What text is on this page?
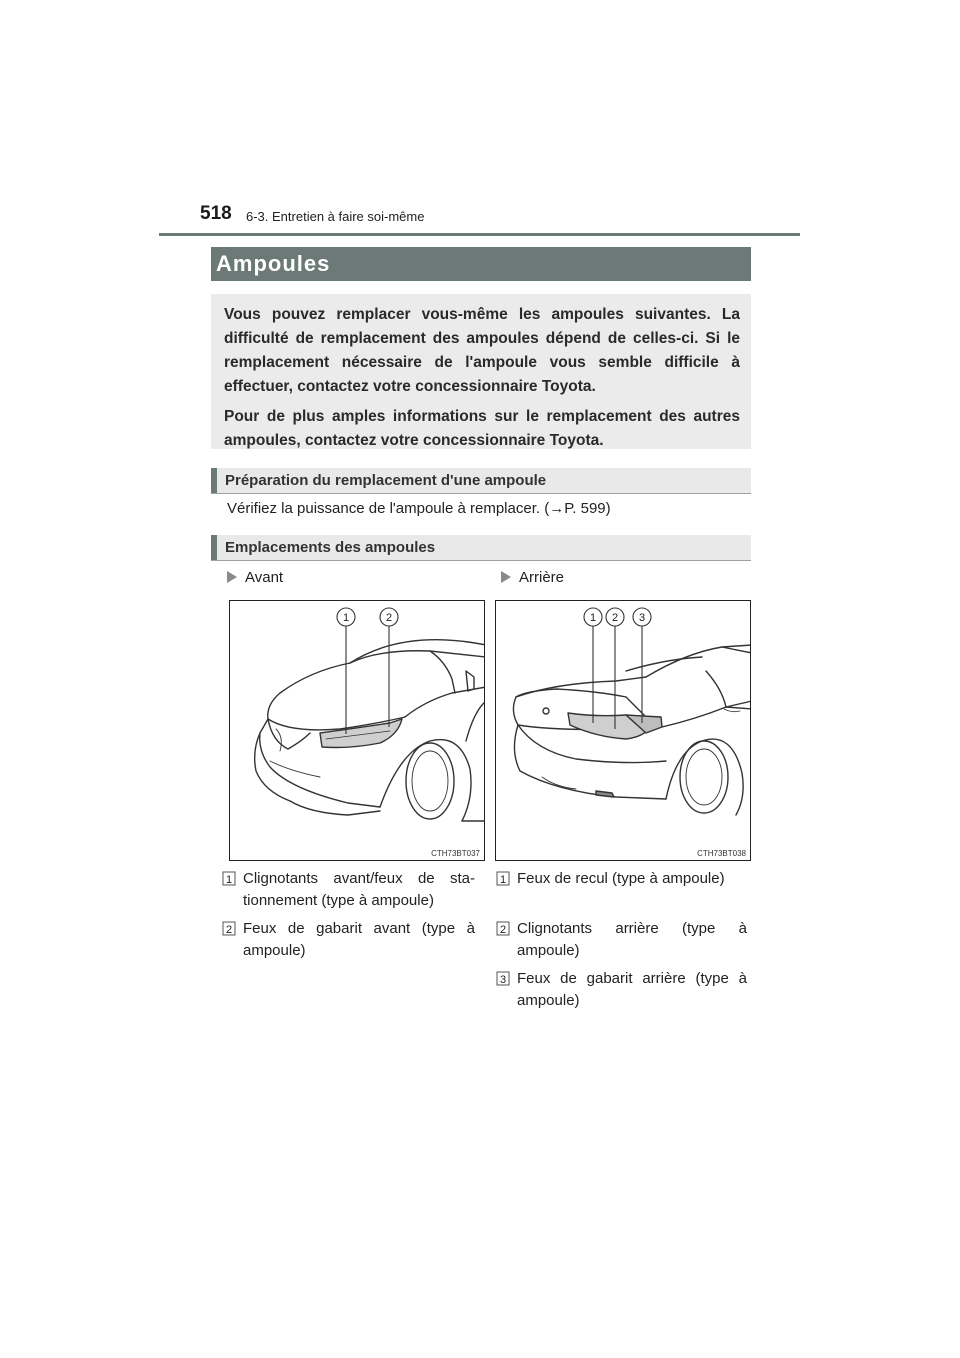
518 6-3. Entretien à faire soi-même
Ampoules

Vous pouvez remplacer vous-même les ampoules suivantes. La difficulté de remplacement des ampoules dépend de celles-ci. Si le remplacement nécessaire de l'ampoule vous semble difficile à effectuer, contactez votre concessionnaire Toyota.

Pour de plus amples informations sur le remplacement des autres ampoules, contactez votre concessionnaire Toyota.

Préparation du remplacement d'une ampoule
Vérifiez la puissance de l'ampoule à remplacer. (→P. 599)
Emplacements des ampoules
Avant	Arrière
1	2
CTH73BT037
1 2 3
CTH73BT038
1 Clignotants avant/feux de sta-tionnement (type à ampoule)
2 Feux de gabarit avant (type à ampoule)
1 Feux de recul (type à ampoule)
2 Clignotants arrière (type à ampoule)
3 Feux de gabarit arrière (type à ampoule)
